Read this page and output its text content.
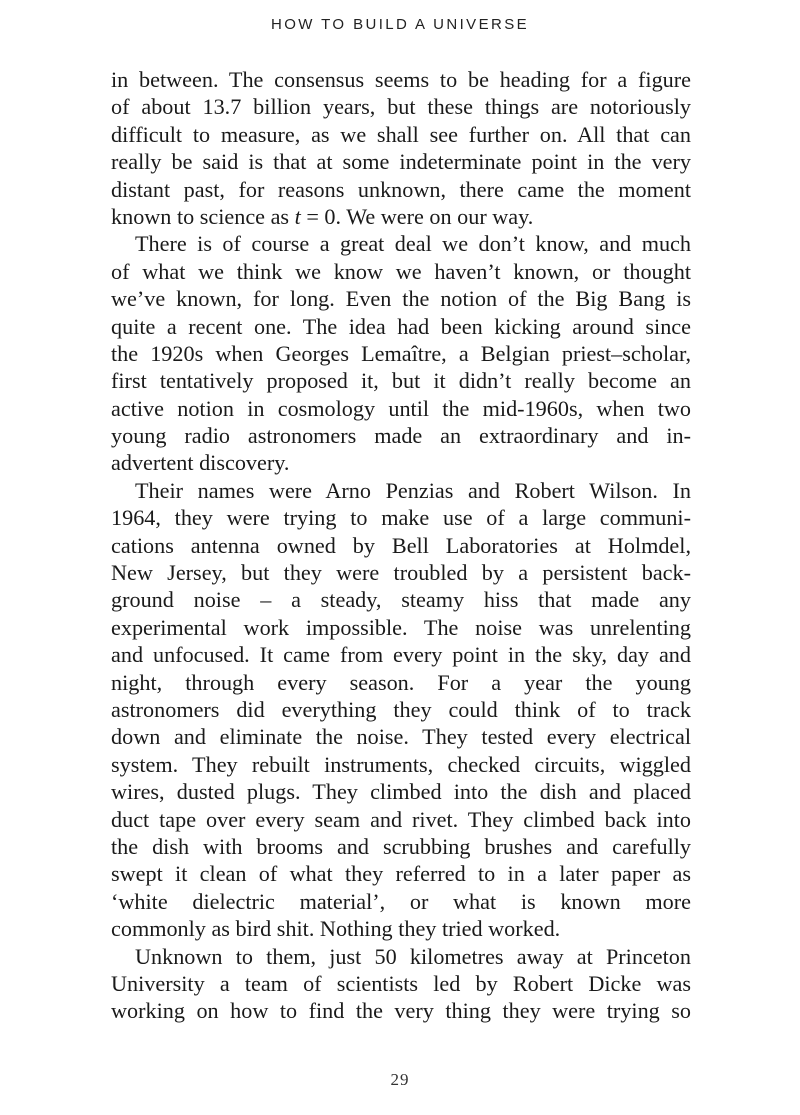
HOW TO BUILD A UNIVERSE
in between. The consensus seems to be heading for a figure
of about 13.7 billion years, but these things are notoriously
difficult to measure, as we shall see further on. All that can
really be said is that at some indeterminate point in the very
distant past, for reasons unknown, there came the moment
known to science as t = 0. We were on our way.
There is of course a great deal we don’t know, and much
of what we think we know we haven’t known, or thought
we’ve known, for long. Even the notion of the Big Bang is
quite a recent one. The idea had been kicking around since
the 1920s when Georges Lemaître, a Belgian priest–scholar,
first tentatively proposed it, but it didn’t really become an
active notion in cosmology until the mid-1960s, when two
young radio astronomers made an extraordinary and in-
advertent discovery.
Their names were Arno Penzias and Robert Wilson. In
1964, they were trying to make use of a large communi-
cations antenna owned by Bell Laboratories at Holmdel,
New Jersey, but they were troubled by a persistent back-
ground noise – a steady, steamy hiss that made any
experimental work impossible. The noise was unrelenting
and unfocused. It came from every point in the sky, day and
night, through every season. For a year the young
astronomers did everything they could think of to track
down and eliminate the noise. They tested every electrical
system. They rebuilt instruments, checked circuits, wiggled
wires, dusted plugs. They climbed into the dish and placed
duct tape over every seam and rivet. They climbed back into
the dish with brooms and scrubbing brushes and carefully
swept it clean of what they referred to in a later paper as
‘white dielectric material’, or what is known more
commonly as bird shit. Nothing they tried worked.
Unknown to them, just 50 kilometres away at Princeton
University a team of scientists led by Robert Dicke was
working on how to find the very thing they were trying so
29
